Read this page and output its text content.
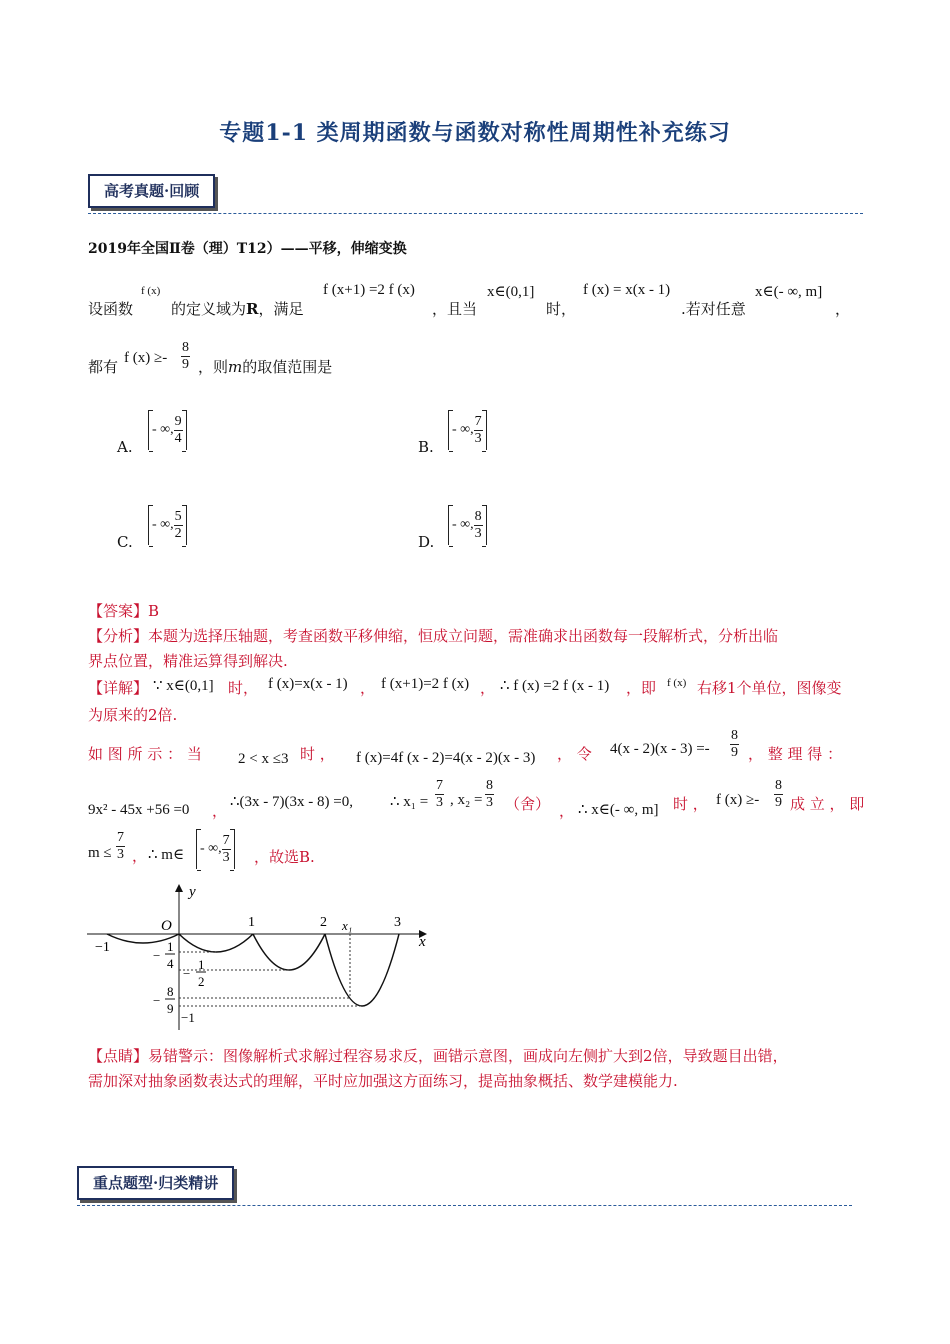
专题1-1 类周期函数与函数对称性周期性补充练习
高考真题·回顾
2019年全国Ⅱ卷（理）T12）——平移，伸缩变换
设函数
f (x)
的定义域为R，满足
f (x+1) =2 f (x)
，且当
x∈(0,1]
时，
f (x) = x(x - 1)
.若对任意
x∈(- ∞, m]
，
都有 f $(x) \ge- \frac{8}{9}$ ，则m的取值范围是
A.
- ∞, $\frac{9}{4}$
B.
- ∞, $\frac{7}{3}$
C.
- ∞, $\frac{5}{2}$
D.
- ∞, $\frac{8}{3}$
【答案】B
【分析】本题为选择压轴题，考查函数平移伸缩，恒成立问题，需准确求出函数每一段解析式，分析出临
界点位置，精准运算得到解决.
【详解】 ∵ x∈(0,1] 时， f (x)=x(x - 1) ， f (x+1)=2 f (x) ， ∴ f (x) =2 f (x - 1) ，即 f (x) 右移1个单位，图像变
为原来的2倍.
如 图 所 示 ： 当 2 < x ≤3 时 ， f (x)=4f (x - 2)=4(x - 2)(x - 3) ， 令 $4(x - 2)(x - 3) =- \frac{8}{9}$ ， 整 理 得 ：
9x² - 45x +56 =0 ， ∴(3x - 7)(3x - 8) =0, ∴ $x_1 = \frac{7}{3}$ , $x_2 = \frac{8}{3}$ （舍） ， ∴ x∈(- ∞, m] 时 ， f $(x) \ge- \frac{8}{9}$ 成 立 ， 即
$m \le \frac{7}{3}$ ， ∴ m∈ - ∞, $\frac{7}{3}$ ，故选B.
y
x
O
−1
1	2 x₁	3
−
1
4
−
1
2
−
8
9
−1
【点睛】易错警示：图像解析式求解过程容易求反，画错示意图，画成向左侧扩大到2倍，导致题目出错，
需加深对抽象函数表达式的理解，平时应加强这方面练习，提高抽象概括、数学建模能力.
重点题型·归类精讲
